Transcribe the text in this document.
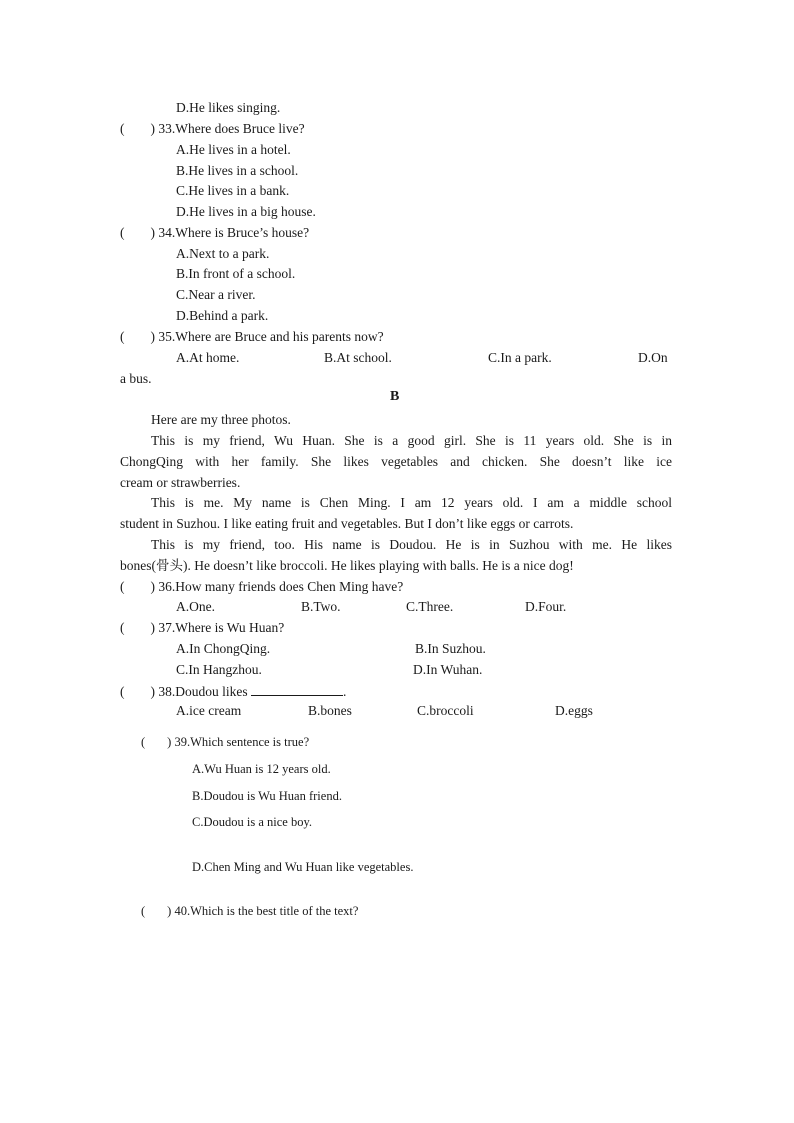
D.He likes singing.
( ) 33.Where does Bruce live?
A.He lives in a hotel.
B.He lives in a school.
C.He lives in a bank.
D.He lives in a big house.
( ) 34.Where is Bruce’s house?
A.Next to a park.
B.In front of a school.
C.Near a river.
D.Behind a park.
( ) 35.Where are Bruce and his parents now?
A.At home.	B.At school.	C.In a park.	D.On
a bus.
B
Here are my three photos.
This is my friend, Wu Huan. She is a good girl. She is 11 years old. She is in
ChongQing with her family. She likes vegetables and chicken. She doesn’t like ice
cream or strawberries.
This is me. My name is Chen Ming. I am 12 years old. I am a middle school
student in Suzhou. I like eating fruit and vegetables. But I don’t like eggs or carrots.
This is my friend, too. His name is Doudou. He is in Suzhou with me. He likes
bones(骨头). He doesn’t like broccoli. He likes playing with balls. He is a nice dog!
( ) 36.How many friends does Chen Ming have?
A.One.	B.Two.	C.Three.	D.Four.
( ) 37.Where is Wu Huan?
A.In ChongQing.	B.In Suzhou.
C.In Hangzhou.	D.In Wuhan.
( ) 38.Doudou likes	.
A.ice cream	B.bones	C.broccoli	D.eggs
( ) 39.Which sentence is true?
A.Wu Huan is 12 years old.
B.Doudou is Wu Huan friend.
C.Doudou is a nice boy.
D.Chen Ming and Wu Huan like vegetables.
( ) 40.Which is the best title of the text?
